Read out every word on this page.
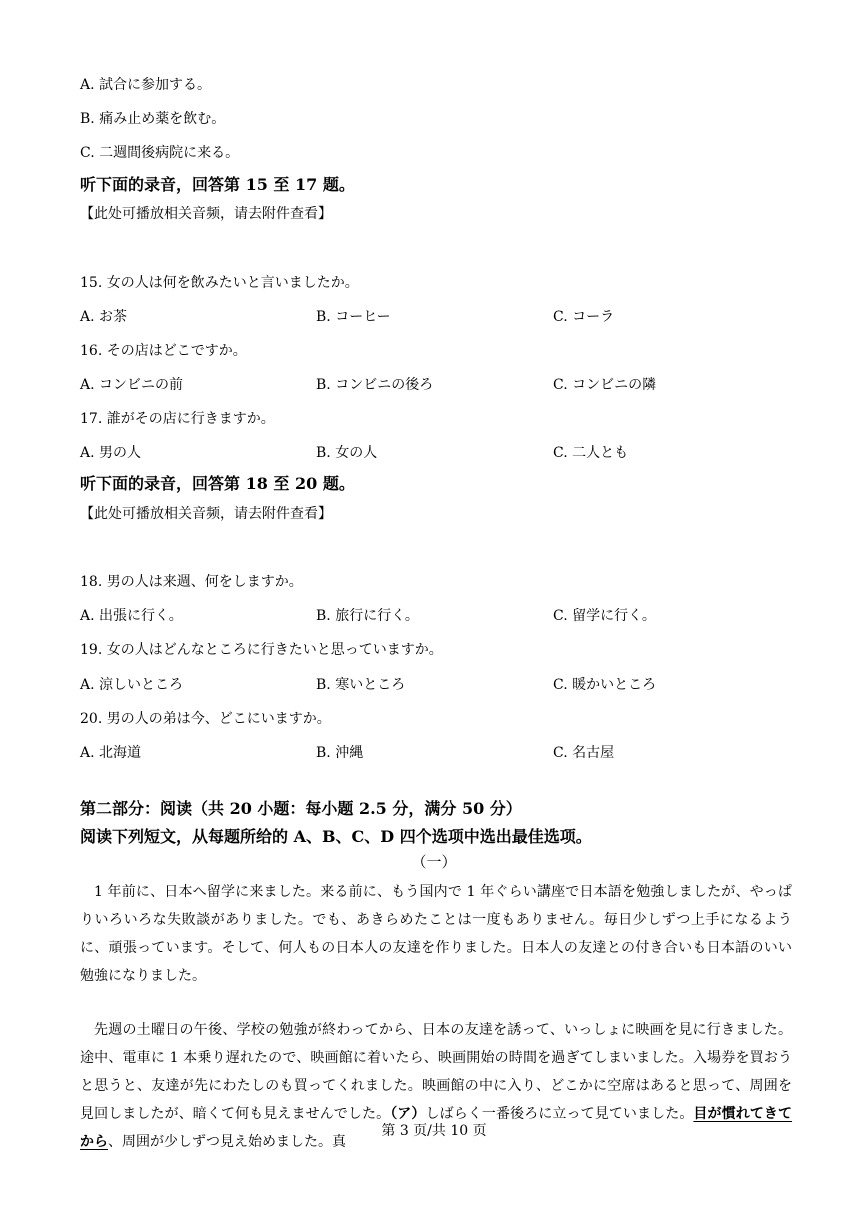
A. 試合に参加する。
B. 痛み止め薬を飲む。
C. 二週間後病院に来る。
听下面的录音，回答第 15 至 17 题。
【此处可播放相关音频，请去附件查看】
15. 女の人は何を飲みたいと言いましたか。
A. お茶	B. コーヒー	C. コーラ
16. その店はどこですか。
A. コンビニの前	B. コンビニの後ろ	C. コンビニの隣
17. 誰がその店に行きますか。
A. 男の人	B. 女の人	C. 二人とも
听下面的录音，回答第 18 至 20 题。
【此处可播放相关音频，请去附件查看】
18. 男の人は来週、何をしますか。
A. 出張に行く。	B. 旅行に行く。	C. 留学に行く。
19. 女の人はどんなところに行きたいと思っていますか。
A. 涼しいところ	B. 寒いところ	C. 暖かいところ
20. 男の人の弟は今、どこにいますか。
A. 北海道	B. 沖縄	C. 名古屋
第二部分：阅读（共 20 小题：每小题 2.5 分，满分 50 分）
阅读下列短文，从每题所给的 A、B、C、D 四个选项中选出最佳选项。
（一）
1 年前に、日本へ留学に来ました。来る前に、もう国内で 1 年ぐらい講座で日本語を勉強しましたが、やっぱりいろいろな失敗談がありました。でも、あきらめたことは一度もありません。毎日少しずつ上手になるように、頑張っています。そして、何人もの日本人の友達を作りました。日本人の友達との付き合いも日本語のいい勉強になりました。
先週の土曜日の午後、学校の勉強が終わってから、日本の友達を誘って、いっしょに映画を見に行きました。途中、電車に 1 本乗り遅れたので、映画館に着いたら、映画開始の時間を過ぎてしまいました。入場券を買おうと思うと、友達が先にわたしのも買ってくれました。映画館の中に入り、どこかに空席はあると思って、周囲を見回しましたが、暗くて何も見えませんでした。（ア）しばらく一番後ろに立って見ていました。目が慣れてきてから、周囲が少しずつ見え始めました。真
第 3 页/共 10 页
